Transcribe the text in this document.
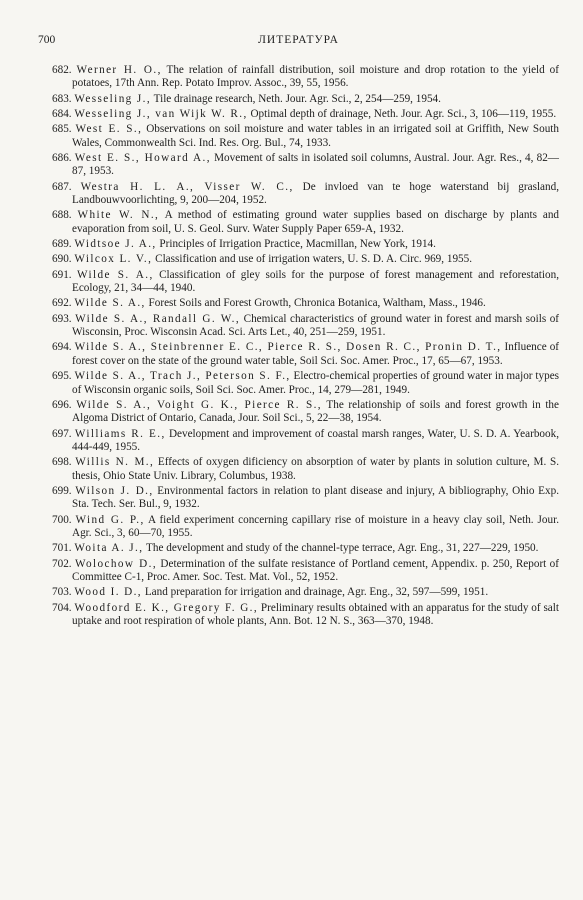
700	ЛИТЕРАТУРА
682. Werner H. O., The relation of rainfall distribution, soil moisture and drop rotation to the yield of potatoes, 17th Ann. Rep. Potato Improv. Assoc., 39, 55, 1956.
683. Wesseling J., Tile drainage research, Neth. Jour. Agr. Sci., 2, 254—259, 1954.
684. Wesseling J., van Wijk W. R., Optimal depth of drainage, Neth. Jour. Agr. Sci., 3, 106—119, 1955.
685. West E. S., Observations on soil moisture and water tables in an irrigated soil at Griffith, New South Wales, Commonwealth Sci. Ind. Res. Org. Bul., 74, 1933.
686. West E. S., Howard A., Movement of salts in isolated soil columns, Austral. Jour. Agr. Res., 4, 82—87, 1953.
687. Westra H. L. A., Visser W. C., De invloed van te hoge waterstand bij grasland, Landbouwvoorlichting, 9, 200—204, 1952.
688. White W. N., A method of estimating ground water supplies based on discharge by plants and evaporation from soil, U. S. Geol. Surv. Water Supply Paper 659-A, 1932.
689. Widtsoe J. A., Principles of Irrigation Practice, Macmillan, New York, 1914.
690. Wilcox L. V., Classification and use of irrigation waters, U. S. D. A. Circ. 969, 1955.
691. Wilde S. A., Classification of gley soils for the purpose of forest management and reforestation, Ecology, 21, 34—44, 1940.
692. Wilde S. A., Forest Soils and Forest Growth, Chronica Botanica, Waltham, Mass., 1946.
693. Wilde S. A., Randall G. W., Chemical characteristics of ground water in forest and marsh soils of Wisconsin, Proc. Wisconsin Acad. Sci. Arts Let., 40, 251—259, 1951.
694. Wilde S. A., Steinbrenner E. C., Pierce R. S., Dosen R. C., Pronin D. T., Influence of forest cover on the state of the ground water table, Soil Sci. Soc. Amer. Proc., 17, 65—67, 1953.
695. Wilde S. A., Trach J., Peterson S. F., Electro-chemical properties of ground water in major types of Wisconsin organic soils, Soil Sci. Soc. Amer. Proc., 14, 279—281, 1949.
696. Wilde S. A., Voight G. K., Pierce R. S., The relationship of soils and forest growth in the Algoma District of Ontario, Canada, Jour. Soil Sci., 5, 22—38, 1954.
697. Williams R. E., Development and improvement of coastal marsh ranges, Water, U. S. D. A. Yearbook, 444-449, 1955.
698. Willis N. M., Effects of oxygen dificiency on absorption of water by plants in solution culture, M. S. thesis, Ohio State Univ. Library, Columbus, 1938.
699. Wilson J. D., Environmental factors in relation to plant disease and injury, A bibliography, Ohio Exp. Sta. Tech. Ser. Bul., 9, 1932.
700. Wind G. P., A field experiment concerning capillary rise of moisture in a heavy clay soil, Neth. Jour. Agr. Sci., 3, 60—70, 1955.
701. Woita A. J., The development and study of the channel-type terrace, Agr. Eng., 31, 227—229, 1950.
702. Wolochow D., Determination of the sulfate resistance of Portland cement, Appendix. p. 250, Report of Committee C-1, Proc. Amer. Soc. Test. Mat. Vol., 52, 1952.
703. Wood I. D., Land preparation for irrigation and drainage, Agr. Eng., 32, 597—599, 1951.
704. Woodford E. K., Gregory F. G., Preliminary results obtained with an apparatus for the study of salt uptake and root respiration of whole plants, Ann. Bot. 12 N. S., 363—370, 1948.
